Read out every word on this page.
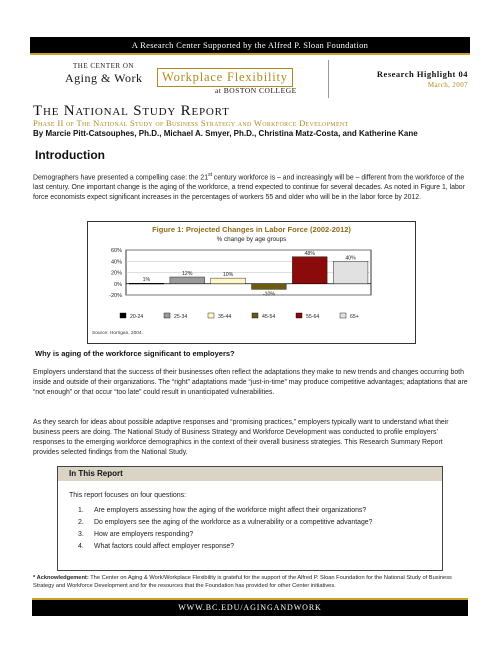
A Research Center Supported by the Alfred P. Sloan Foundation
THE CENTER ON
Aging & Work	Workplace Flexibility
at BOSTON COLLEGE
Research Highlight 04
March, 2007
The National Study Report
Phase II of The National Study of Business Strategy and Workforce Development
By Marcie Pitt-Catsouphes, Ph.D., Michael A. Smyer, Ph.D., Christina Matz-Costa, and Katherine Kane
Introduction
Demographers have presented a compelling case: the 21st century workforce is – and increasingly will be – different from the workforce of the last century. One important change is the aging of the workforce, a trend expected to continue for several decades. As noted in Figure 1, labor force economists expect significant increases in the percentages of workers 55 and older who will be in the labor force by 2012.
Figure 1: Projected Changes in Labor Force (2002-2012)
% change by age groups
-20%
0%
20%
40%
60%
1%
12%	10%
-10%
48%
40%
20-24	25-34	35-44	45-54	55-64	65+
Source: Horrigan, 2004.
Why is aging of the workforce significant to employers?
Employers understand that the success of their businesses often reflect the adaptations they make to new trends and changes occurring both inside and outside of their organizations. The “right” adaptations made “just-in-time” may produce competitive advantages; adaptations that are “not enough” or that occur “too late” could result in unanticipated vulnerabilities.
As they search for ideas about possible adaptive responses and “promising practices,” employers typically want to understand what their business peers are doing. The National Study of Business Strategy and Workforce Development was conducted to profile employers’ responses to the emerging workforce demographics in the context of their overall business strategies. This Research Summary Report provides selected findings from the National Study.
In This Report
This report focuses on four questions:
1. Are employers assessing how the aging of the workforce might affect their organizations?
2. Do employers see the aging of the workforce as a vulnerability or a competitive advantage?
3. How are employers responding?
4. What factors could affect employer response?
* Acknowledgement: The Center on Aging & Work/Workplace Flexibility is grateful for the support of the Alfred P. Sloan Foundation for the National Study of Business Strategy and Workforce Development and for the resources that the Foundation has provided for other Center initiatives.
WWW.BC.EDU/AGINGANDWORK
